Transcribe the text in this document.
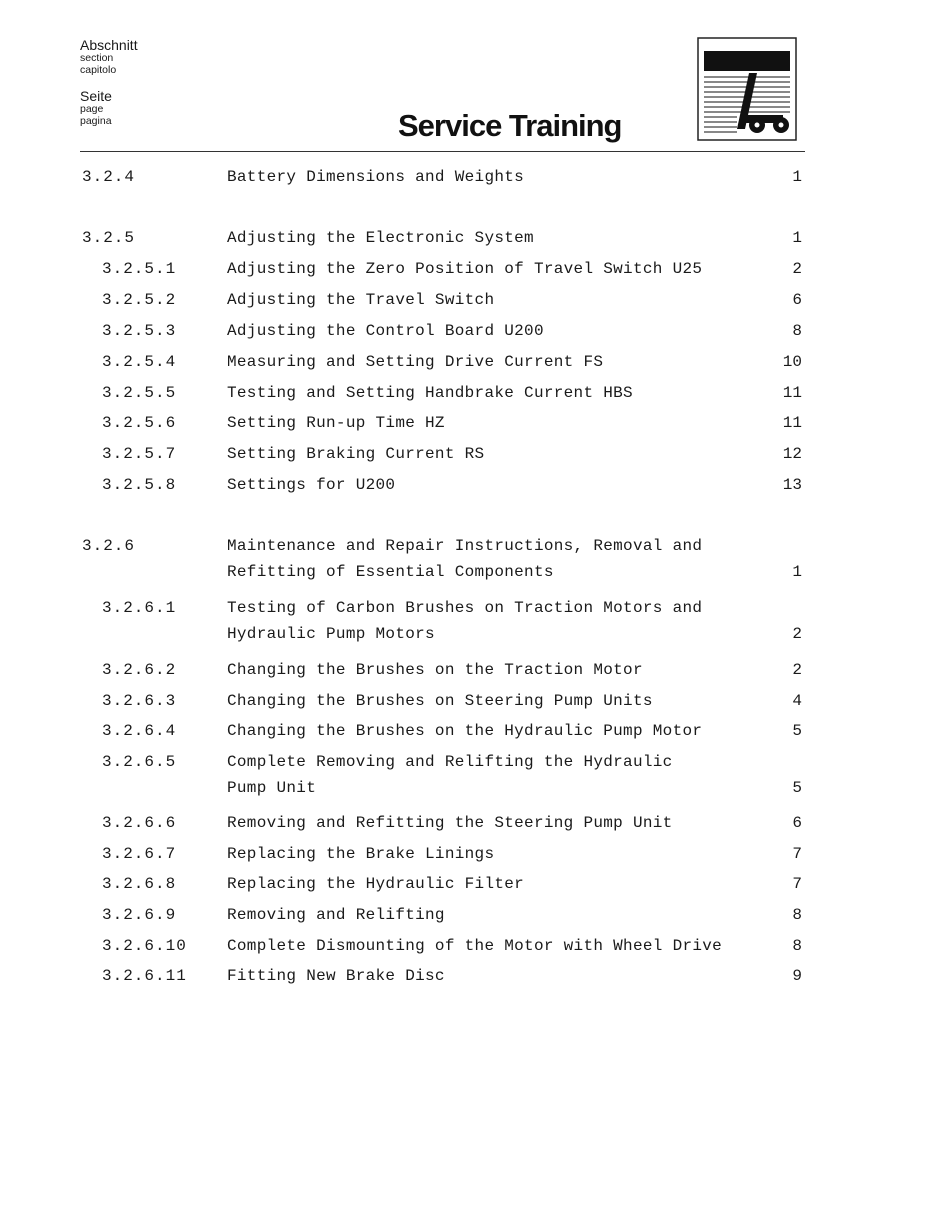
Abschnitt
section
capitolo
Seite
page
pagina	Service Training
3.2.4	Battery Dimensions and Weights	1
3.2.5	Adjusting the Electronic System	1
3.2.5.1	Adjusting the Zero Position of Travel Switch U25	2
3.2.5.2	Adjusting the Travel Switch	6
3.2.5.3	Adjusting the Control Board U200	8
3.2.5.4	Measuring and Setting Drive Current FS	10
3.2.5.5	Testing and Setting Handbrake Current HBS	11
3.2.5.6	Setting Run-up Time HZ	11
3.2.5.7	Setting Braking Current RS	12
3.2.5.8	Settings for U200	13
3.2.6	Maintenance and Repair Instructions, Removal and
Refitting of Essential Components	1
3.2.6.1	Testing of Carbon Brushes on Traction Motors and
Hydraulic Pump Motors	2
3.2.6.2	Changing the Brushes on the Traction Motor	2
3.2.6.3	Changing the Brushes on Steering Pump Units	4
3.2.6.4	Changing the Brushes on the Hydraulic Pump Motor	5
3.2.6.5	Complete Removing and Relifting the Hydraulic
Pump Unit	5
3.2.6.6	Removing and Refitting the Steering Pump Unit	6
3.2.6.7	Replacing the Brake Linings	7
3.2.6.8	Replacing the Hydraulic Filter	7
3.2.6.9	Removing and Relifting	8
3.2.6.10	Complete Dismounting of the Motor with Wheel Drive	8
3.2.6.11	Fitting New Brake Disc	9
